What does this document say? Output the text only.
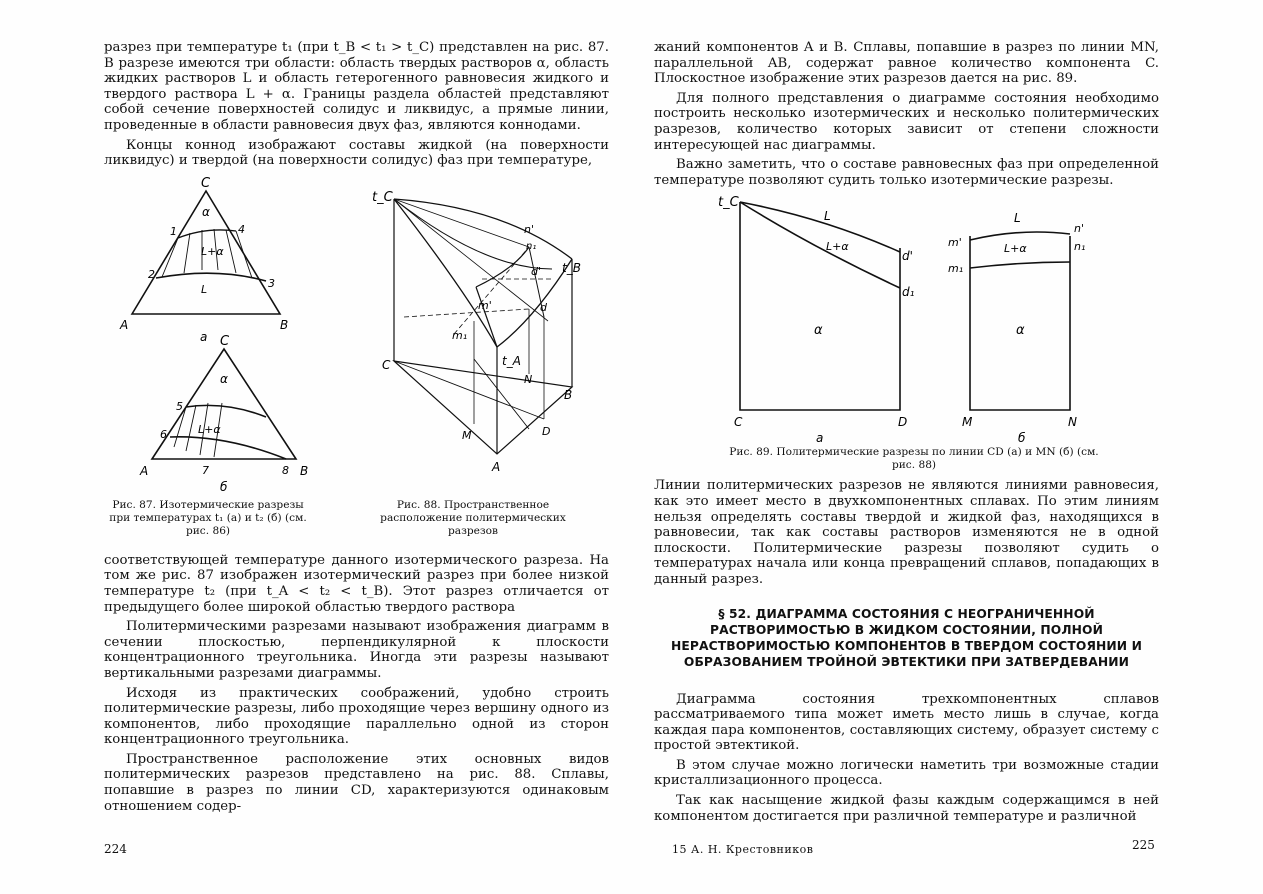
разрез при температуре t₁ (при t_B < t₁ > t_C) представлен на рис. 87. В разрезе имеются три области: область твердых растворов α, область жидких растворов L и область гетерогенного равновесия жидкого и твердого раствора L + α. Границы раздела областей представляют собой сечение поверхностей солидус и ликвидус, а прямые линии, проведенные в области равновесия двух фаз, являются коннодами.

Концы коннод изображают составы жидкой (на поверхности ликвидус) и твердой (на поверхности солидус) фаз при температуре,

C
α
L+α
L
1
2
3
4
A	B
a C
α
L+α
5
6
7	8
A	B
б
t_C
t_B
t_A
n'
n₁
d'
d
m'
m₁
C
B
N
D
M
A
Рис. 87. Изотермические разрезы при температурах t₁ (a) и t₂ (б) (см. рис. 86)
Рис. 88. Пространственное расположение политермических разрезов

соответствующей температуре данного изотермического разреза. На том же рис. 87 изображен изотермический разрез при более низкой температуре t₂ (при t_A < t₂ < t_B). Этот разрез отличается от предыдущего более широкой областью твердого раствора

Политермическими разрезами называют изображения диаграмм в сечении плоскостью, перпендикулярной к плоскости концентрационного треугольника. Иногда эти разрезы называют вертикальными разрезами диаграммы.

Исходя из практических соображений, удобно строить политермические разрезы, либо проходящие через вершину одного из компонентов, либо проходящие параллельно одной из сторон концентрационного треугольника.

Пространственное расположение этих основных видов политермических разрезов представлено на рис. 88. Сплавы, попавшие в разрез по линии CD, характеризуются одинаковым отношением содер-

224

жаний компонентов A и B. Сплавы, попавшие в разрез по линии MN, параллельной AB, содержат равное количество компонента C. Плоскостное изображение этих разрезов дается на рис. 89.

Для полного представления о диаграмме состояния необходимо построить несколько изотермических и несколько политермических разрезов, количество которых зависит от степени сложности интересующей нас диаграммы.

Важно заметить, что о составе равновесных фаз при определенной температуре позволяют судить только изотермические разрезы.

t_C
L
L+α
d'
d₁
α
C	D
a
L
L+α
n'
n₁
m'
m₁
α
M	N
б
Рис. 89. Политермические разрезы по линии CD (a) и MN (б) (см. рис. 88)

Линии политермических разрезов не являются линиями равновесия, как это имеет место в двухкомпонентных сплавах. По этим линиям нельзя определять составы твердой и жидкой фаз, находящихся в равновесии, так как составы растворов изменяются не в одной плоскости. Политермические разрезы позволяют судить о температурах начала или конца превращений сплавов, попадающих в данный разрез.

§ 52. ДИАГРАММА СОСТОЯНИЯ С НЕОГРАНИЧЕННОЙ РАСТВОРИМОСТЬЮ В ЖИДКОМ СОСТОЯНИИ, ПОЛНОЙ НЕРАСТВОРИМОСТЬЮ КОМПОНЕНТОВ В ТВЕРДОМ СОСТОЯНИИ И ОБРАЗОВАНИЕМ ТРОЙНОЙ ЭВТЕКТИКИ ПРИ ЗАТВЕРДЕВАНИИ

Диаграмма состояния трехкомпонентных сплавов рассматриваемого типа может иметь место лишь в случае, когда каждая пара компонентов, составляющих систему, образует систему с простой эвтектикой.

В этом случае можно логически наметить три возможные стадии кристаллизационного процесса.

Так как насыщение жидкой фазы каждым содержащимся в ней компонентом достигается при различной температуре и различной

15 А. Н. Крестовников	225
